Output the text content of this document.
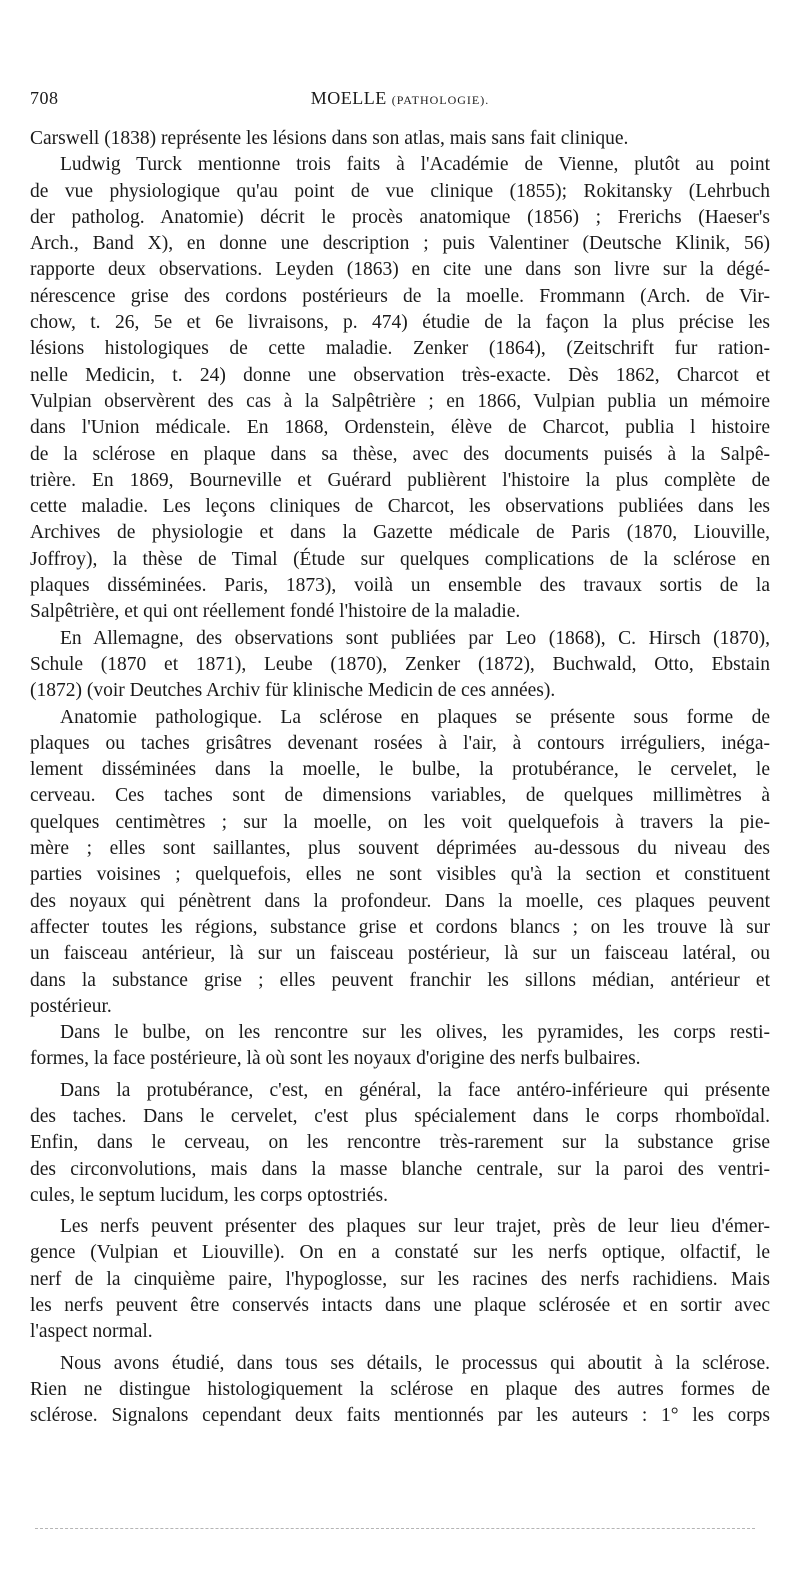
708	MOELLE (PATHOLOGIE).
Carswell (1838) représente les lésions dans son atlas, mais sans fait clinique.
Ludwig Turck mentionne trois faits à l'Académie de Vienne, plutôt au point
de vue physiologique qu'au point de vue clinique (1855); Rokitansky (Lehrbuch
der patholog. Anatomie) décrit le procès anatomique (1856) ; Frerichs (Haeser's
Arch., Band X), en donne une description ; puis Valentiner (Deutsche Klinik, 56)
rapporte deux observations. Leyden (1863) en cite une dans son livre sur la dégé-
nérescence grise des cordons postérieurs de la moelle. Frommann (Arch. de Vir-
chow, t. 26, 5e et 6e livraisons, p. 474) étudie de la façon la plus précise les
lésions histologiques de cette maladie. Zenker (1864), (Zeitschrift fur ration-
nelle Medicin, t. 24) donne une observation très-exacte. Dès 1862, Charcot et
Vulpian observèrent des cas à la Salpêtrière ; en 1866, Vulpian publia un mémoire
dans l'Union médicale. En 1868, Ordenstein, élève de Charcot, publia l histoire
de la sclérose en plaque dans sa thèse, avec des documents puisés à la Salpê-
trière. En 1869, Bourneville et Guérard publièrent l'histoire la plus complète de
cette maladie. Les leçons cliniques de Charcot, les observations publiées dans les
Archives de physiologie et dans la Gazette médicale de Paris (1870, Liouville,
Joffroy), la thèse de Timal (Étude sur quelques complications de la sclérose en
plaques disséminées. Paris, 1873), voilà un ensemble des travaux sortis de la
Salpêtrière, et qui ont réellement fondé l'histoire de la maladie.
En Allemagne, des observations sont publiées par Leo (1868), C. Hirsch (1870),
Schule (1870 et 1871), Leube (1870), Zenker (1872), Buchwald, Otto, Ebstain
(1872) (voir Deutches Archiv für klinische Medicin de ces années).
Anatomie pathologique. La sclérose en plaques se présente sous forme de
plaques ou taches grisâtres devenant rosées à l'air, à contours irréguliers, inéga-
lement disséminées dans la moelle, le bulbe, la protubérance, le cervelet, le
cerveau. Ces taches sont de dimensions variables, de quelques millimètres à
quelques centimètres ; sur la moelle, on les voit quelquefois à travers la pie-
mère ; elles sont saillantes, plus souvent déprimées au-dessous du niveau des
parties voisines ; quelquefois, elles ne sont visibles qu'à la section et constituent
des noyaux qui pénètrent dans la profondeur. Dans la moelle, ces plaques peuvent
affecter toutes les régions, substance grise et cordons blancs ; on les trouve là sur
un faisceau antérieur, là sur un faisceau postérieur, là sur un faisceau latéral, ou
dans la substance grise ; elles peuvent franchir les sillons médian, antérieur et
postérieur.
Dans le bulbe, on les rencontre sur les olives, les pyramides, les corps resti-
formes, la face postérieure, là où sont les noyaux d'origine des nerfs bulbaires.
Dans la protubérance, c'est, en général, la face antéro-inférieure qui présente
des taches. Dans le cervelet, c'est plus spécialement dans le corps rhomboïdal.
Enfin, dans le cerveau, on les rencontre très-rarement sur la substance grise
des circonvolutions, mais dans la masse blanche centrale, sur la paroi des ventri-
cules, le septum lucidum, les corps optostriés.
Les nerfs peuvent présenter des plaques sur leur trajet, près de leur lieu d'émer-
gence (Vulpian et Liouville). On en a constaté sur les nerfs optique, olfactif, le
nerf de la cinquième paire, l'hypoglosse, sur les racines des nerfs rachidiens. Mais
les nerfs peuvent être conservés intacts dans une plaque sclérosée et en sortir avec
l'aspect normal.
Nous avons étudié, dans tous ses détails, le processus qui aboutit à la sclérose.
Rien ne distingue histologiquement la sclérose en plaque des autres formes de
sclérose. Signalons cependant deux faits mentionnés par les auteurs : 1° les corps
